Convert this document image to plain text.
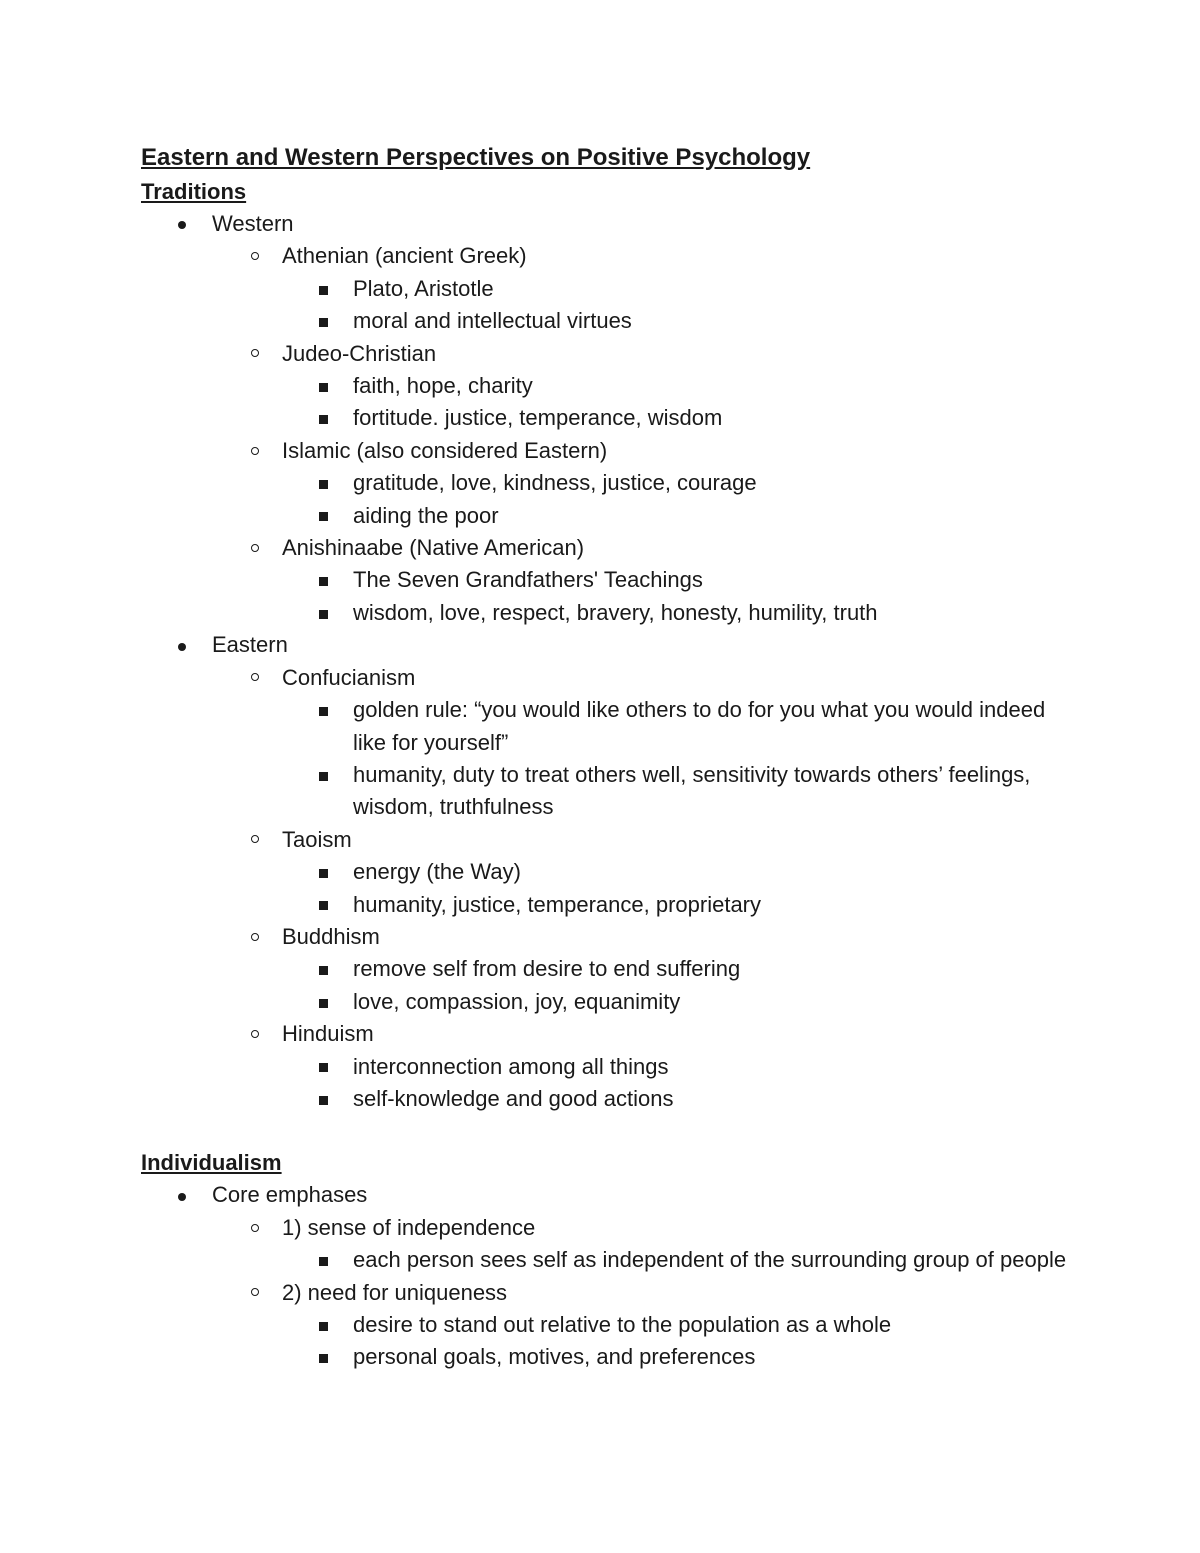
Eastern and Western Perspectives on Positive Psychology
Traditions
Western
Athenian (ancient Greek)
Plato, Aristotle
moral and intellectual virtues
Judeo-Christian
faith, hope, charity
fortitude. justice, temperance, wisdom
Islamic (also considered Eastern)
gratitude, love, kindness, justice, courage
aiding the poor
Anishinaabe (Native American)
The Seven Grandfathers' Teachings
wisdom, love, respect, bravery, honesty, humility, truth
Eastern
Confucianism
golden rule: “you would like others to do for you what you would indeed like for yourself”
humanity, duty to treat others well, sensitivity towards others’ feelings, wisdom, truthfulness
Taoism
energy (the Way)
humanity, justice, temperance, proprietary
Buddhism
remove self from desire to end suffering
love, compassion, joy, equanimity
Hinduism
interconnection among all things
self-knowledge and good actions
Individualism
Core emphases
1) sense of independence
each person sees self as independent of the surrounding group of people
2) need for uniqueness
desire to stand out relative to the population as a whole
personal goals, motives, and preferences
